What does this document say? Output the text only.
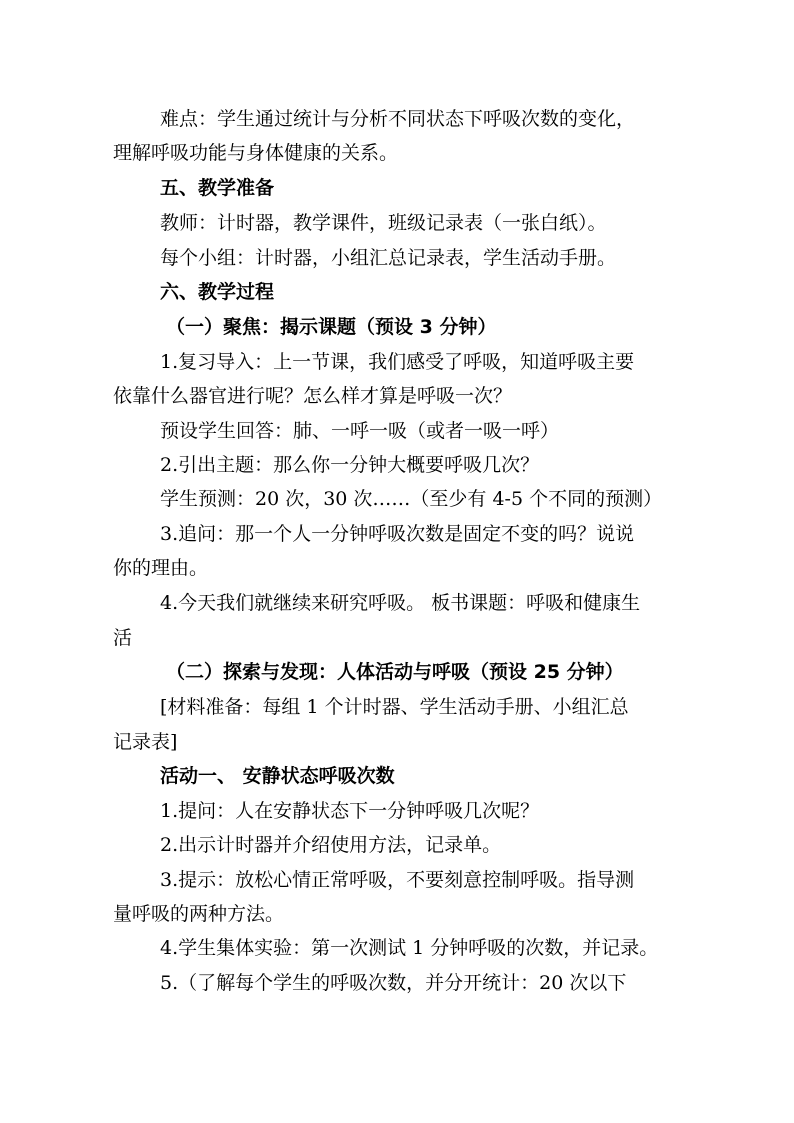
难点：学生通过统计与分析不同状态下呼吸次数的变化，
理解呼吸功能与身体健康的关系。
五、教学准备
教师：计时器，教学课件，班级记录表（一张白纸）。
每个小组：计时器，小组汇总记录表，学生活动手册。
六、教学过程
（一）聚焦：揭示课题（预设 3 分钟）
1.复习导入：上一节课，我们感受了呼吸，知道呼吸主要
依靠什么器官进行呢？怎么样才算是呼吸一次？
预设学生回答：肺、一呼一吸（或者一吸一呼）
2.引出主题：那么你一分钟大概要呼吸几次？
学生预测：20 次，30 次……（至少有 4-5 个不同的预测）
3.追问：那一个人一分钟呼吸次数是固定不变的吗？说说
你的理由。
4.今天我们就继续来研究呼吸。 板书课题：呼吸和健康生
活
（二）探索与发现：人体活动与呼吸（预设 25 分钟）
[材料准备：每组 1 个计时器、学生活动手册、小组汇总
记录表]
活动一、 安静状态呼吸次数
1.提问：人在安静状态下一分钟呼吸几次呢？
2.出示计时器并介绍使用方法，记录单。
3.提示：放松心情正常呼吸，不要刻意控制呼吸。指导测
量呼吸的两种方法。
4.学生集体实验：第一次测试 1 分钟呼吸的次数，并记录。
5.（了解每个学生的呼吸次数，并分开统计：20 次以下
